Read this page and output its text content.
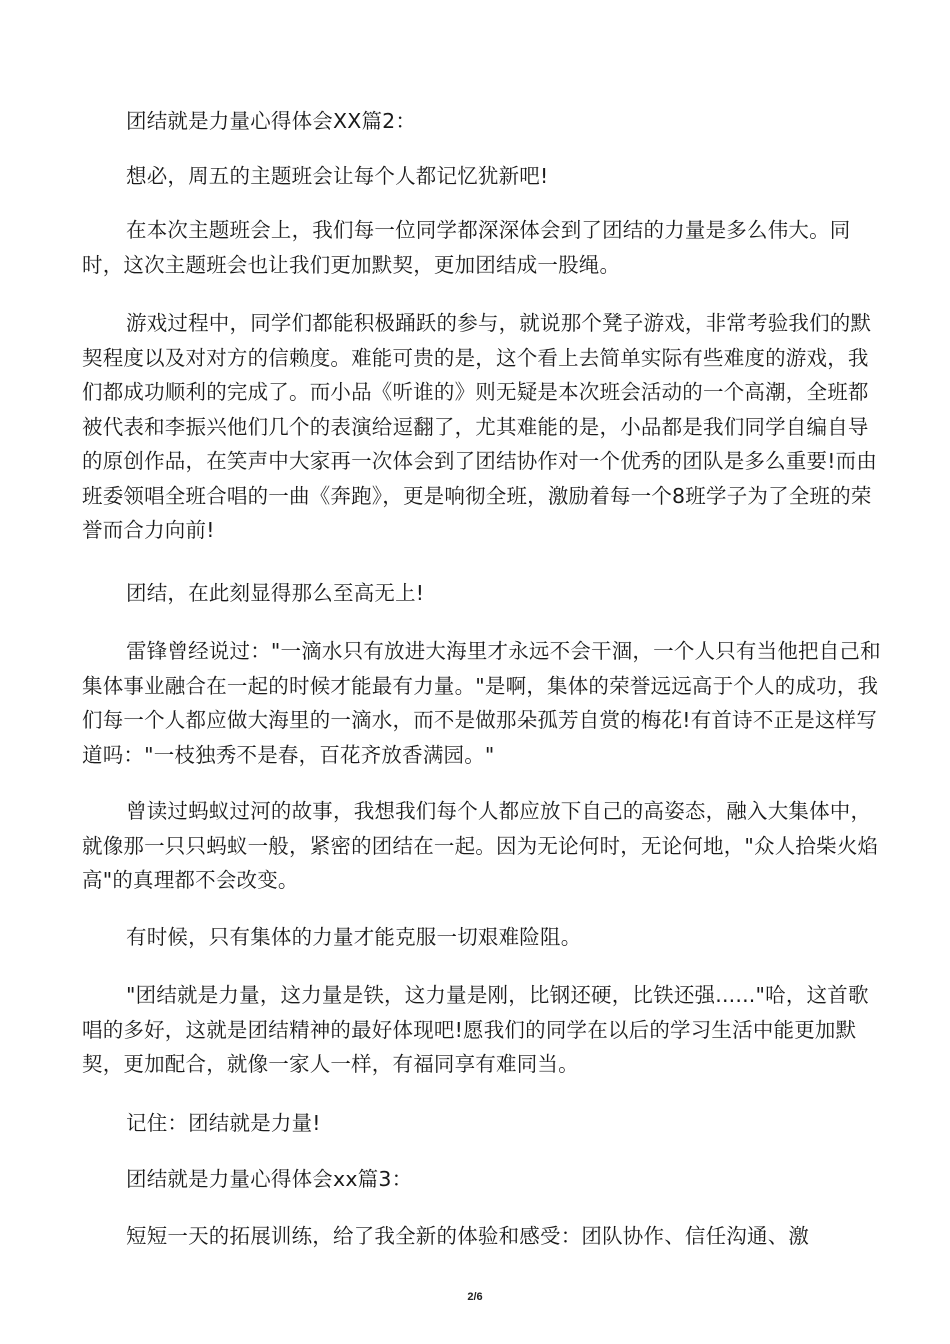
团结就是力量心得体会XX篇2：

想必，周五的主题班会让每个人都记忆犹新吧!

在本次主题班会上，我们每一位同学都深深体会到了团结的力量是多么伟大。同时，这次主题班会也让我们更加默契，更加团结成一股绳。

游戏过程中，同学们都能积极踊跃的参与，就说那个凳子游戏，非常考验我们的默契程度以及对对方的信赖度。难能可贵的是，这个看上去简单实际有些难度的游戏，我们都成功顺利的完成了。而小品《听谁的》则无疑是本次班会活动的一个高潮，全班都被代表和李振兴他们几个的表演给逗翻了，尤其难能的是，小品都是我们同学自编自导的原创作品，在笑声中大家再一次体会到了团结协作对一个优秀的团队是多么重要!而由班委领唱全班合唱的一曲《奔跑》，更是响彻全班，激励着每一个8班学子为了全班的荣誉而合力向前!

团结，在此刻显得那么至高无上!

雷锋曾经说过："一滴水只有放进大海里才永远不会干涸，一个人只有当他把自己和集体事业融合在一起的时候才能最有力量。"是啊，集体的荣誉远远高于个人的成功，我们每一个人都应做大海里的一滴水，而不是做那朵孤芳自赏的梅花!有首诗不正是这样写道吗："一枝独秀不是春，百花齐放香满园。"

曾读过蚂蚁过河的故事，我想我们每个人都应放下自己的高姿态，融入大集体中，就像那一只只蚂蚁一般，紧密的团结在一起。因为无论何时，无论何地，"众人拾柴火焰高"的真理都不会改变。

有时候，只有集体的力量才能克服一切艰难险阻。

"团结就是力量，这力量是铁，这力量是刚，比钢还硬，比铁还强......"哈，这首歌唱的多好，这就是团结精神的最好体现吧!愿我们的同学在以后的学习生活中能更加默契，更加配合，就像一家人一样，有福同享有难同当。

记住：团结就是力量!

团结就是力量心得体会xx篇3：

短短一天的拓展训练，给了我全新的体验和感受：团队协作、信任沟通、激

2/6
